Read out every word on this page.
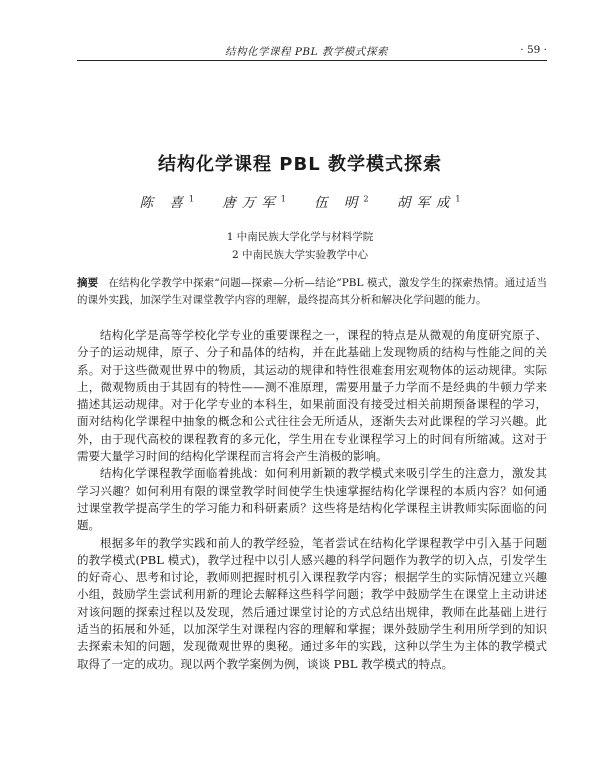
结构化学课程 PBL 教学模式探索	· 59 ·
结构化学课程 PBL 教学模式探索
陈 喜$^1$ 唐万军$^1$ 伍 明$^2$ 胡军成$^1$
1 中南民族大学化学与材料学院
2 中南民族大学实验教学中心
摘要 在结构化学教学中探索“问题—探索—分析—结论”PBL 模式，激发学生的探索热情。通过适当的课外实践，加深学生对课堂教学内容的理解，最终提高其分析和解决化学问题的能力。

结构化学是高等学校化学专业的重要课程之一，课程的特点是从微观的角度研究原子、分子的运动规律，原子、分子和晶体的结构，并在此基础上发现物质的结构与性能之间的关系。对于这些微观世界中的物质，其运动的规律和特性很难套用宏观物体的运动规律。实际上，微观物质由于其固有的特性——测不准原理，需要用量子力学而不是经典的牛顿力学来描述其运动规律。对于化学专业的本科生，如果前面没有接受过相关前期预备课程的学习，面对结构化学课程中抽象的概念和公式往往会无所适从，逐渐失去对此课程的学习兴趣。此外，由于现代高校的课程教育的多元化，学生用在专业课程学习上的时间有所缩减。这对于需要大量学习时间的结构化学课程而言将会产生消极的影响。

结构化学课程教学面临着挑战：如何利用新颖的教学模式来吸引学生的注意力，激发其学习兴趣？如何利用有限的课堂教学时间使学生快速掌握结构化学课程的本质内容？如何通过课堂教学提高学生的学习能力和科研素质？这些将是结构化学课程主讲教师实际面临的问题。

根据多年的教学实践和前人的教学经验，笔者尝试在结构化学课程教学中引入基于问题的教学模式(PBL 模式)，教学过程中以引人感兴趣的科学问题作为教学的切入点，引发学生的好奇心、思考和讨论，教师则把握时机引入课程教学内容；根据学生的实际情况建立兴趣小组，鼓励学生尝试利用新的理论去解释这些科学问题；教学中鼓励学生在课堂上主动讲述对该问题的探索过程以及发现，然后通过课堂讨论的方式总结出规律，教师在此基础上进行适当的拓展和外延，以加深学生对课程内容的理解和掌握；课外鼓励学生利用所学到的知识去探索未知的问题，发现微观世界的奥秘。通过多年的实践，这种以学生为主体的教学模式取得了一定的成功。现以两个教学案例为例，谈谈 PBL 教学模式的特点。
